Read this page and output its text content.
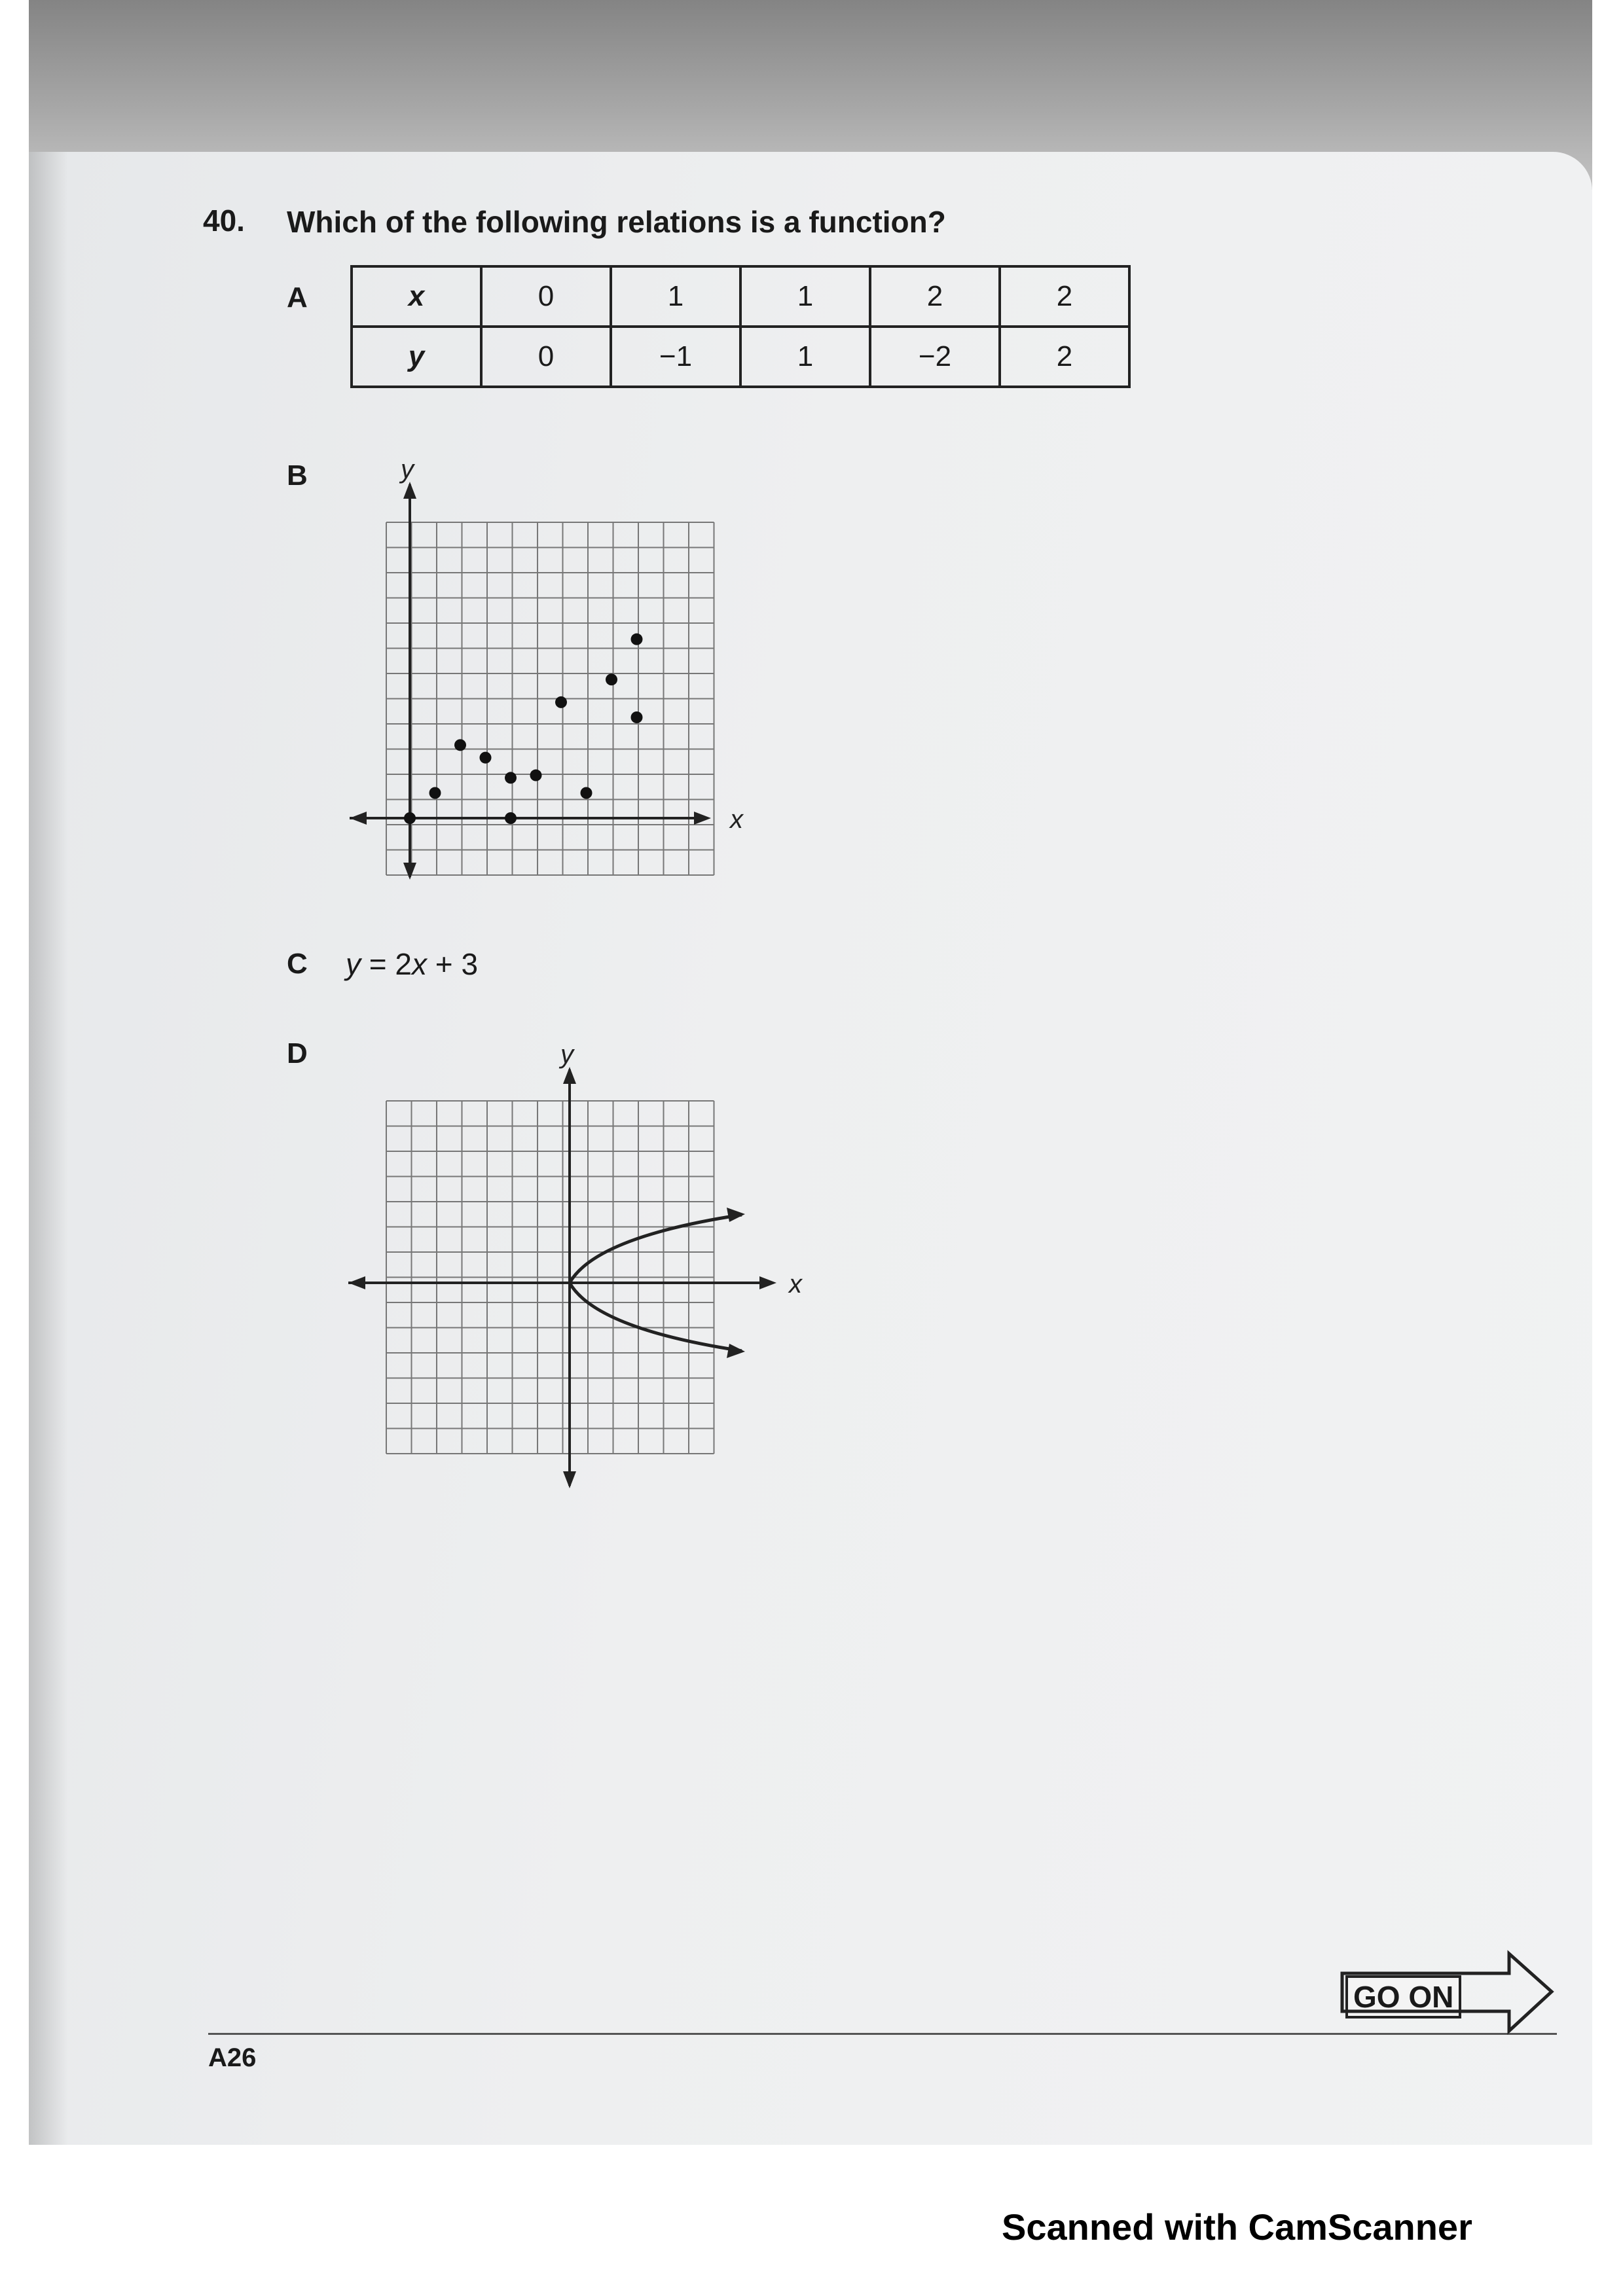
40. Which of the following relations is a function?
A	x	0	1	1	2	2
y	0	−1	1	−2	2
B
x
y
C y = 2x + 3
D
x
y
A26
GO ON
Scanned with CamScanner
